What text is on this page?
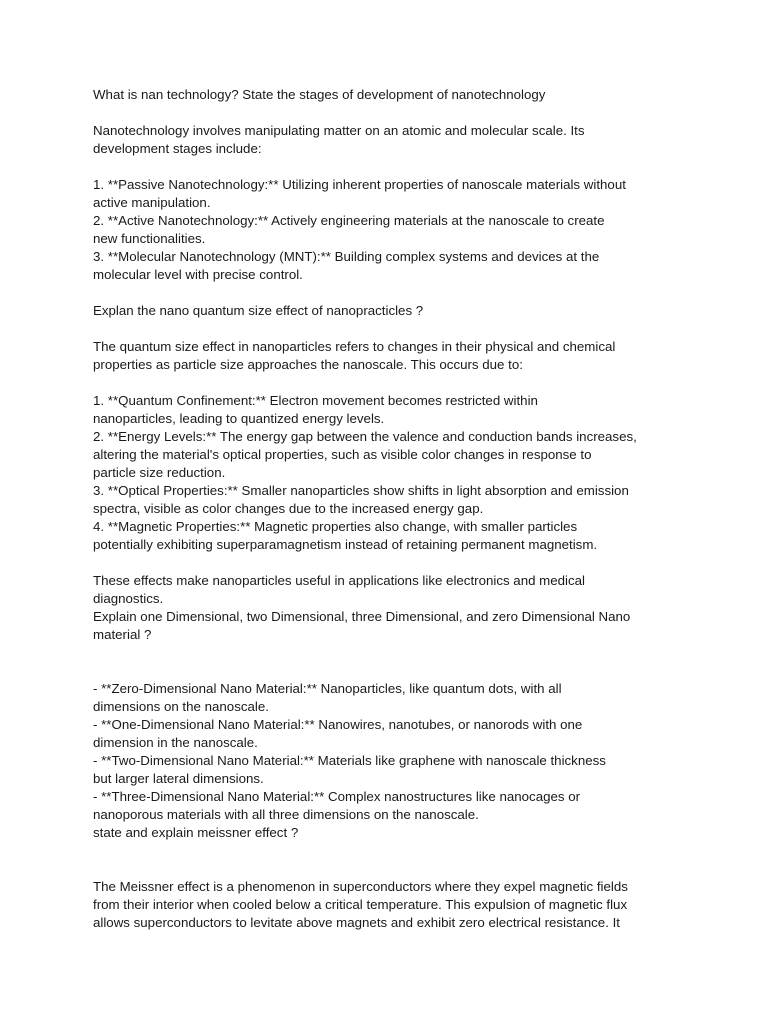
What is nan technology? State the stages of development of nanotechnology

Nanotechnology involves manipulating matter on an atomic and molecular scale. Its
development stages include:

1. **Passive Nanotechnology:** Utilizing inherent properties of nanoscale materials without
active manipulation.
2. **Active Nanotechnology:** Actively engineering materials at the nanoscale to create
new functionalities.
3. **Molecular Nanotechnology (MNT):** Building complex systems and devices at the
molecular level with precise control.

Explan the nano quantum size effect of nanopracticles ?

The quantum size effect in nanoparticles refers to changes in their physical and chemical
properties as particle size approaches the nanoscale. This occurs due to:

1. **Quantum Confinement:** Electron movement becomes restricted within
nanoparticles, leading to quantized energy levels.
2. **Energy Levels:** The energy gap between the valence and conduction bands increases,
altering the material's optical properties, such as visible color changes in response to
particle size reduction.
3. **Optical Properties:** Smaller nanoparticles show shifts in light absorption and emission
spectra, visible as color changes due to the increased energy gap.
4. **Magnetic Properties:** Magnetic properties also change, with smaller particles
potentially exhibiting superparamagnetism instead of retaining permanent magnetism.

These effects make nanoparticles useful in applications like electronics and medical
diagnostics.
Explain one Dimensional, two Dimensional, three Dimensional, and zero Dimensional Nano
material ?

- **Zero-Dimensional Nano Material:** Nanoparticles, like quantum dots, with all
dimensions on the nanoscale.
- **One-Dimensional Nano Material:** Nanowires, nanotubes, or nanorods with one
dimension in the nanoscale.
- **Two-Dimensional Nano Material:** Materials like graphene with nanoscale thickness
but larger lateral dimensions.
- **Three-Dimensional Nano Material:** Complex nanostructures like nanocages or
nanoporous materials with all three dimensions on the nanoscale.
state and explain meissner effect ?

The Meissner effect is a phenomenon in superconductors where they expel magnetic fields
from their interior when cooled below a critical temperature. This expulsion of magnetic flux
allows superconductors to levitate above magnets and exhibit zero electrical resistance. It
